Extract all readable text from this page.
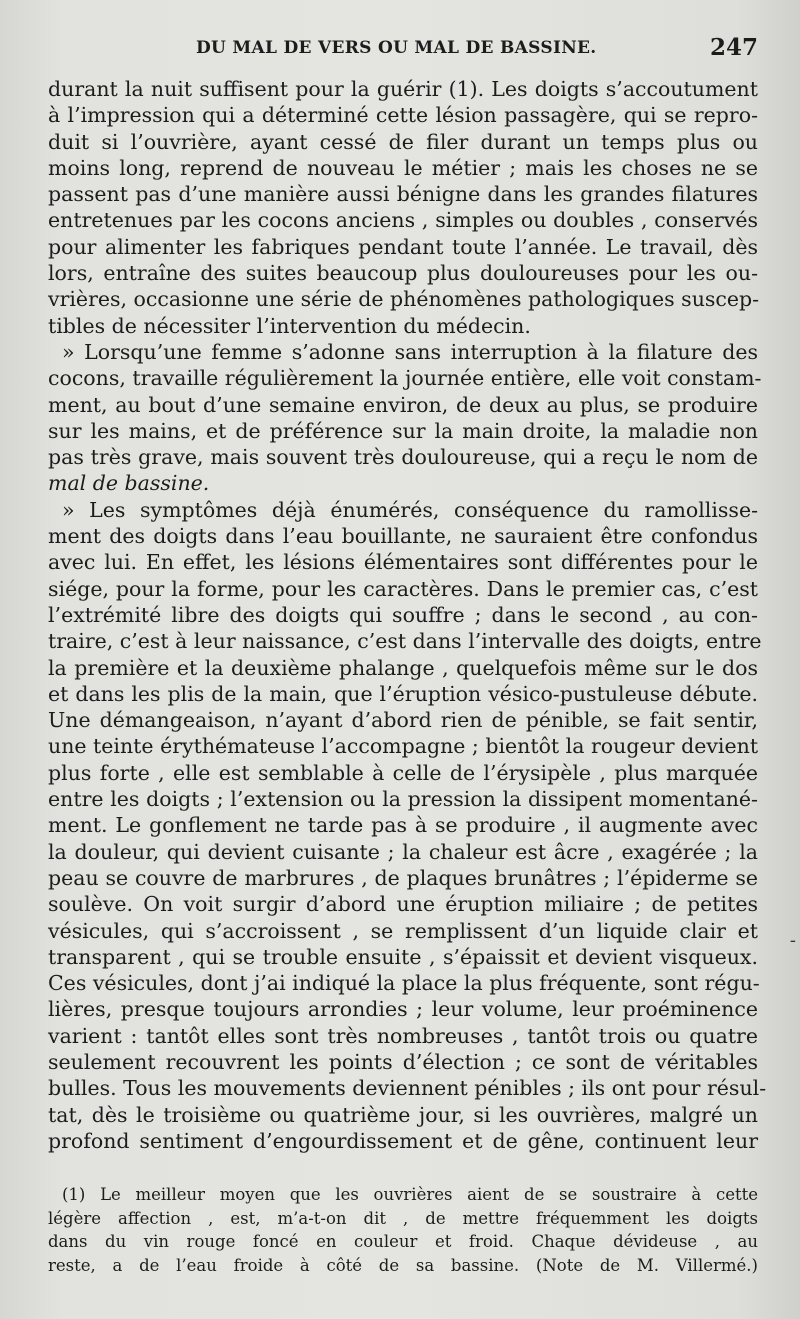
DU MAL DE VERS OU MAL DE BASSINE.	247
durant la nuit suffisent pour la guérir (1). Les doigts s’accoutument
à l’impression qui a déterminé cette lésion passagère, qui se repro-
duit si l’ouvrière, ayant cessé de filer durant un temps plus ou
moins long, reprend de nouveau le métier ; mais les choses ne se
passent pas d’une manière aussi bénigne dans les grandes filatures
entretenues par les cocons anciens , simples ou doubles , conservés
pour alimenter les fabriques pendant toute l’année. Le travail, dès
lors, entraîne des suites beaucoup plus douloureuses pour les ou-
vrières, occasionne une série de phénomènes pathologiques suscep-
tibles de nécessiter l’intervention du médecin.
» Lorsqu’une femme s’adonne sans interruption à la filature des
cocons, travaille régulièrement la journée entière, elle voit constam-
ment, au bout d’une semaine environ, de deux au plus, se produire
sur les mains, et de préférence sur la main droite, la maladie non
pas très grave, mais souvent très douloureuse, qui a reçu le nom de
mal de bassine.
» Les symptômes déjà énumérés, conséquence du ramollisse-
ment des doigts dans l’eau bouillante, ne sauraient être confondus
avec lui. En effet, les lésions élémentaires sont différentes pour le
siége, pour la forme, pour les caractères. Dans le premier cas, c’est
l’extrémité libre des doigts qui souffre ; dans le second , au con-
traire, c’est à leur naissance, c’est dans l’intervalle des doigts, entre
la première et la deuxième phalange , quelquefois même sur le dos
et dans les plis de la main, que l’éruption vésico-pustuleuse débute.
Une démangeaison, n’ayant d’abord rien de pénible, se fait sentir,
une teinte érythémateuse l’accompagne ; bientôt la rougeur devient
plus forte , elle est semblable à celle de l’érysipèle , plus marquée
entre les doigts ; l’extension ou la pression la dissipent momentané-
ment. Le gonflement ne tarde pas à se produire , il augmente avec
la douleur, qui devient cuisante ; la chaleur est âcre , exagérée ; la
peau se couvre de marbrures , de plaques brunâtres ; l’épiderme se
soulève. On voit surgir d’abord une éruption miliaire ; de petites
vésicules, qui s’accroissent , se remplissent d’un liquide clair et
transparent , qui se trouble ensuite , s’épaissit et devient visqueux.
Ces vésicules, dont j’ai indiqué la place la plus fréquente, sont régu-
lières, presque toujours arrondies ; leur volume, leur proéminence
varient : tantôt elles sont très nombreuses , tantôt trois ou quatre
seulement recouvrent les points d’élection ; ce sont de véritables
bulles. Tous les mouvements deviennent pénibles ; ils ont pour résul-
tat, dès le troisième ou quatrième jour, si les ouvrières, malgré un
profond sentiment d’engourdissement et de gêne, continuent leur
(1) Le meilleur moyen que les ouvrières aient de se soustraire à cette
légère affection , est, m’a-t-on dit , de mettre fréquemment les doigts
dans du vin rouge foncé en couleur et froid. Chaque dévideuse , au
reste, a de l’eau froide à côté de sa bassine. (Note de M. Villermé.)
-
